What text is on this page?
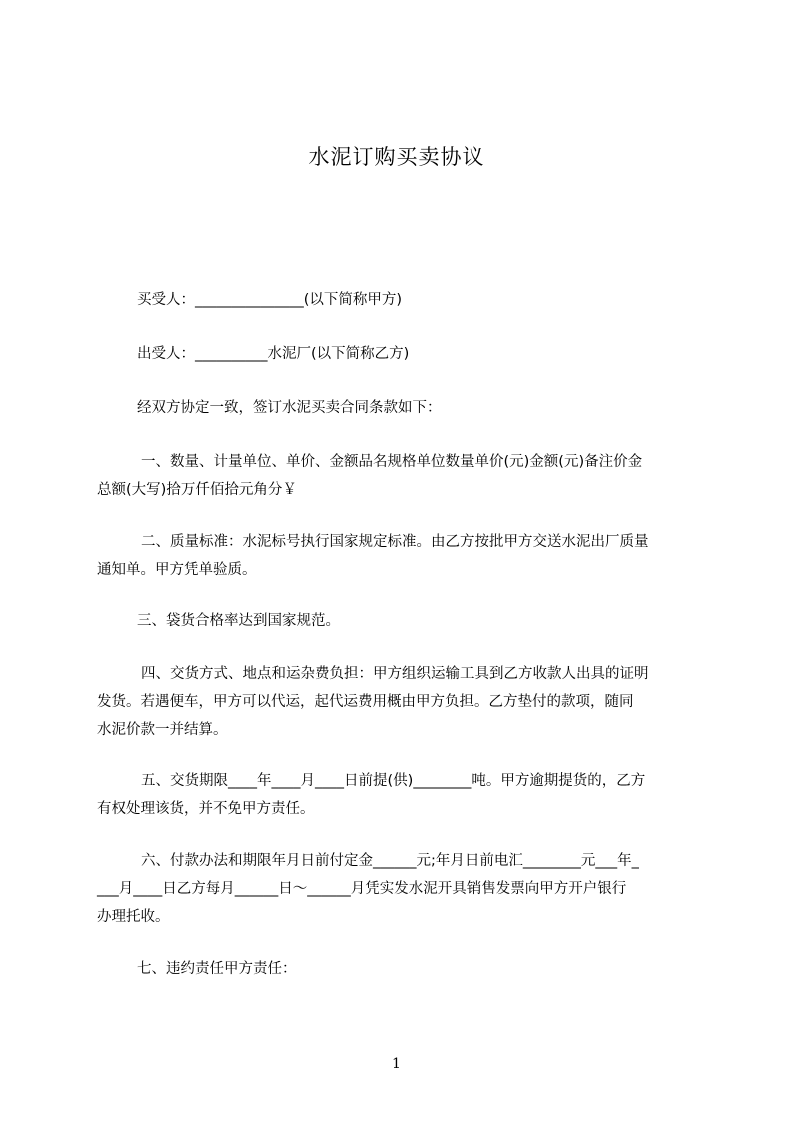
水泥订购买卖协议

买受人：_______________(以下简称甲方)

出受人：__________水泥厂(以下简称乙方)

经双方协定一致，签订水泥买卖合同条款如下：

一、数量、计量单位、单价、金额品名规格单位数量单价(元)金额(元)备注价金

总额(大写)拾万仟佰拾元角分￥

二、质量标准：水泥标号执行国家规定标准。由乙方按批甲方交送水泥出厂质量

通知单。甲方凭单验质。

三、袋货合格率达到国家规范。

四、交货方式、地点和运杂费负担：甲方组织运输工具到乙方收款人出具的证明

发货。若遇便车，甲方可以代运，起代运费用概由甲方负担。乙方垫付的款项，随同

水泥价款一并结算。

五、交货期限____年____月____日前提(供)________吨。甲方逾期提货的，乙方

有权处理该货，并不免甲方责任。

六、付款办法和期限年月日前付定金______元;年月日前电汇________元___年_

___月____日乙方每月______日～______月凭实发水泥开具销售发票向甲方开户银行

办理托收。

七、违约责任甲方责任：

1
